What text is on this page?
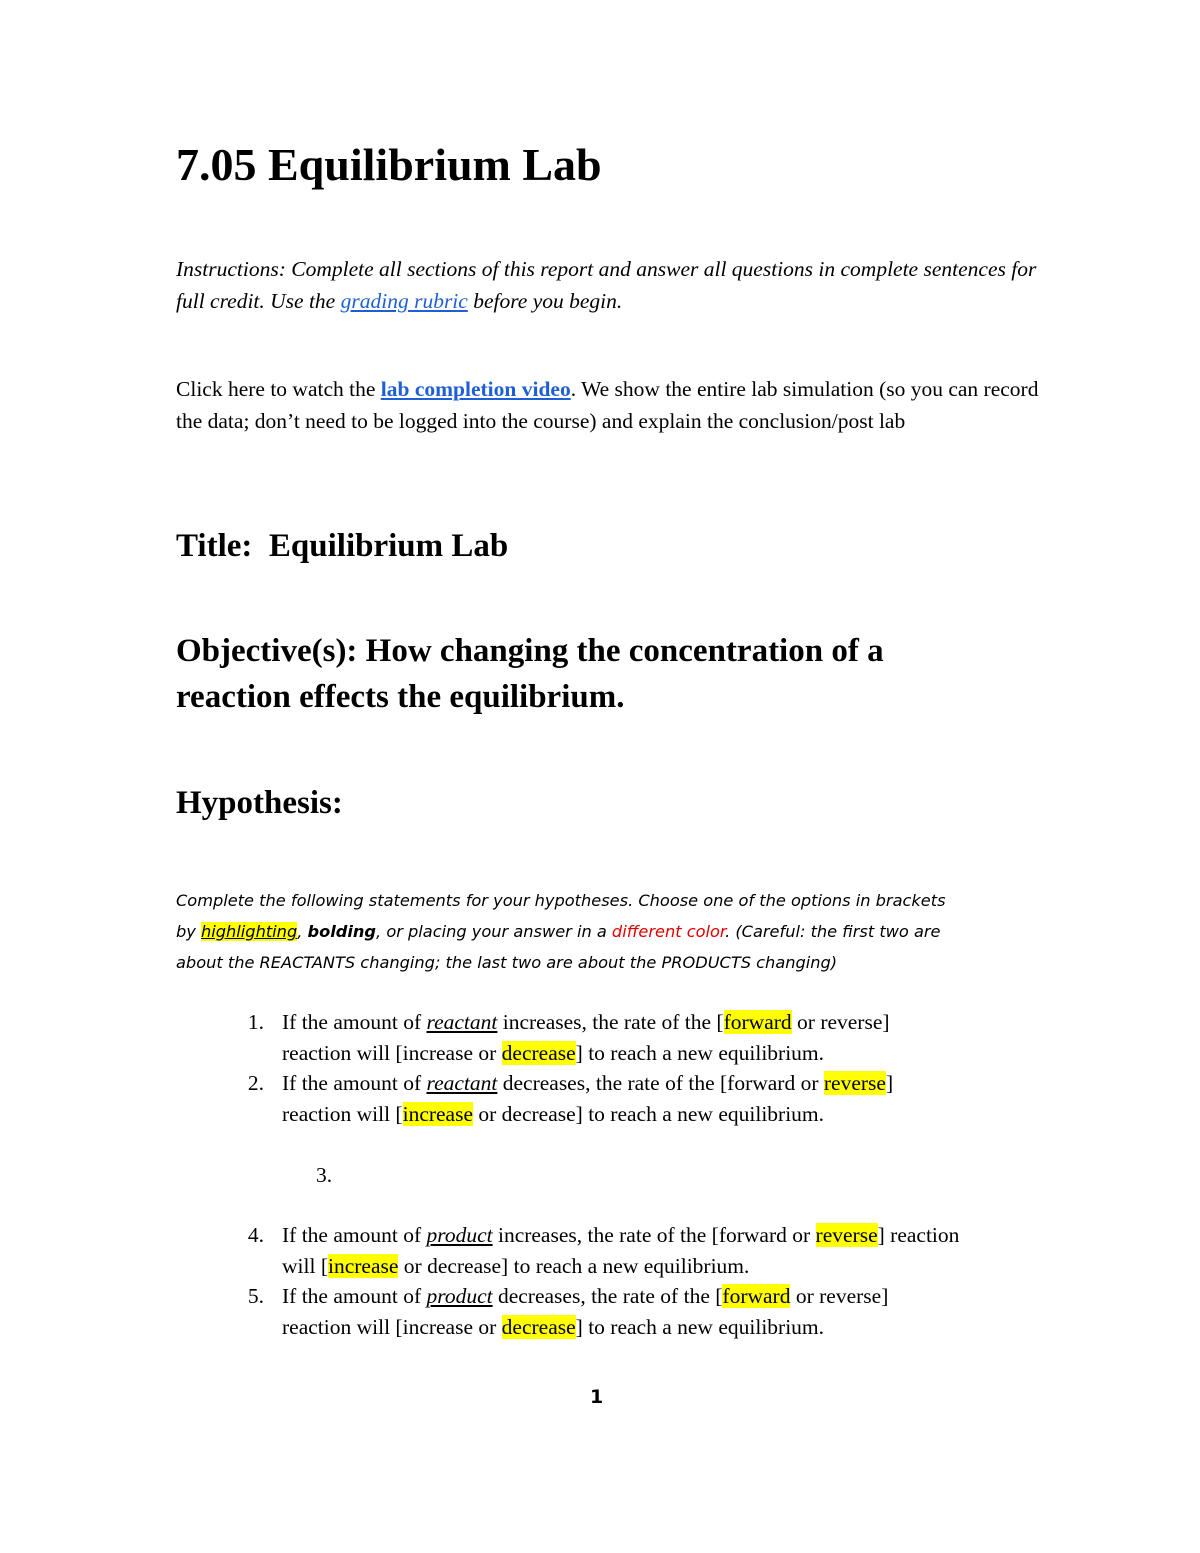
7.05 Equilibrium Lab
Instructions: Complete all sections of this report and answer all questions in complete sentences for full credit. Use the grading rubric before you begin.
Click here to watch the lab completion video. We show the entire lab simulation (so you can record the data; don’t need to be logged into the course) and explain the conclusion/post lab
Title: Equilibrium Lab
Objective(s): How changing the concentration of a
reaction effects the equilibrium.
Hypothesis:
Complete the following statements for your hypotheses. Choose one of the options in brackets
by highlighting, bolding, or placing your answer in a different color. (Careful: the first two are
about the REACTANTS changing; the last two are about the PRODUCTS changing)
1. If the amount of reactant increases, the rate of the [forward or reverse]
reaction will [increase or decrease] to reach a new equilibrium.
2. If the amount of reactant decreases, the rate of the [forward or reverse]
reaction will [increase or decrease] to reach a new equilibrium.
3.
4. If the amount of product increases, the rate of the [forward or reverse] reaction
will [increase or decrease] to reach a new equilibrium.
5. If the amount of product decreases, the rate of the [forward or reverse]
reaction will [increase or decrease] to reach a new equilibrium.
1
